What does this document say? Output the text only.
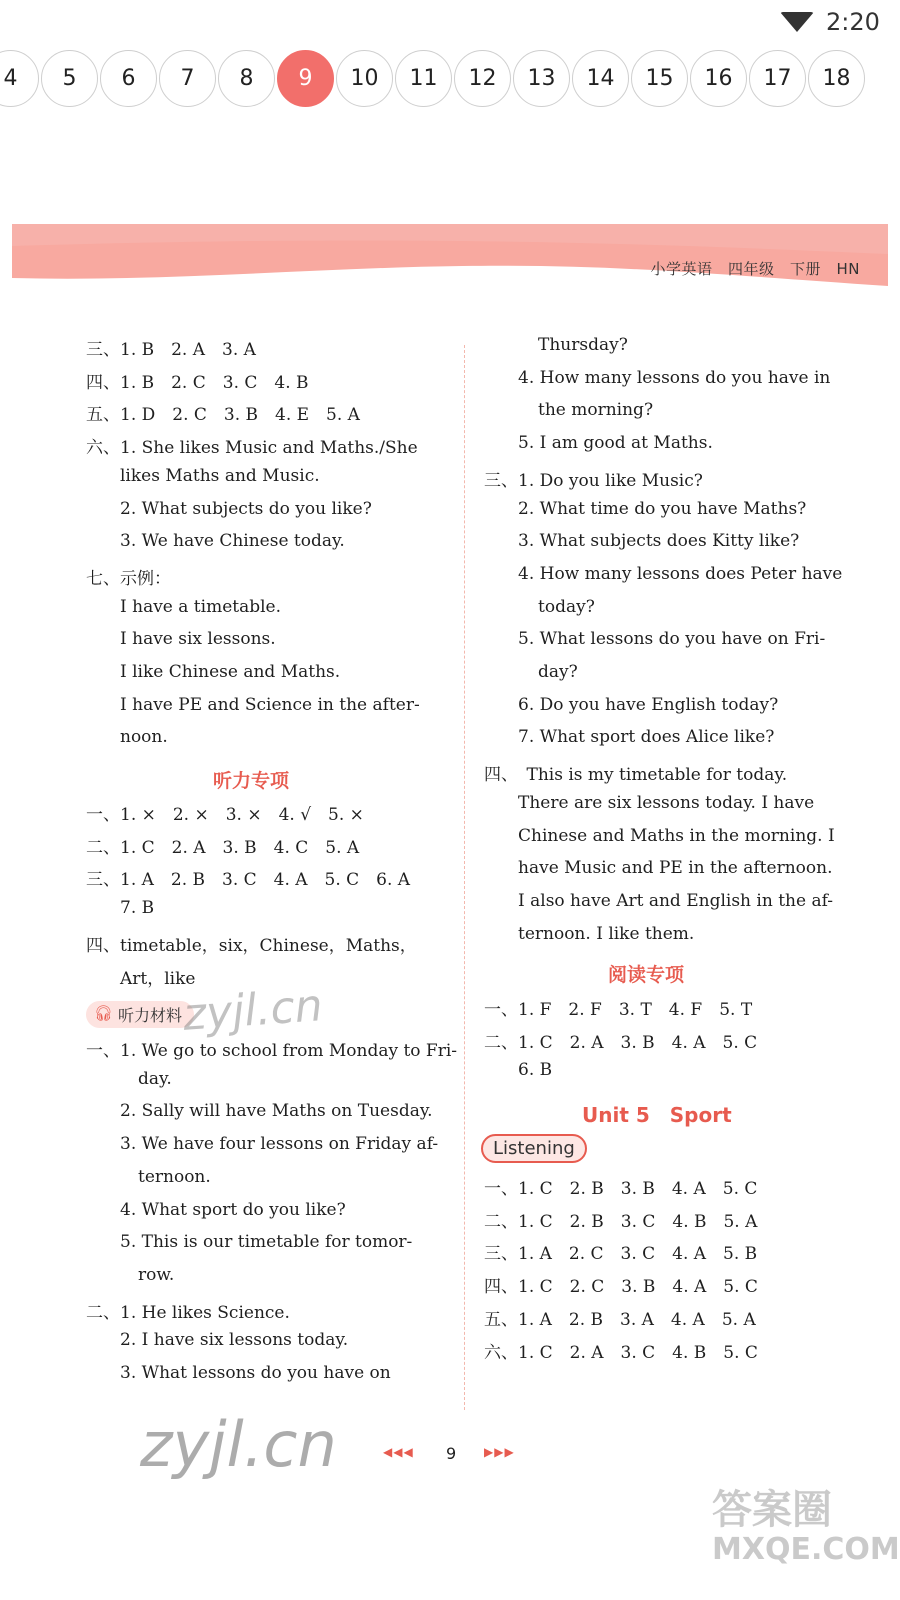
2:20
4	5	6	7	8	9	10	11	12	13	14	15	16	17	18
小学英语　四年级　下册　HN
三、1. B　2. A　3. A
四、1. B　2. C　3. C　4. B
五、1. D　2. C　3. B　4. E　5. A
六、1. She likes Music and Maths./She
likes Maths and Music.
2. What subjects do you like?
3. We have Chinese today.
七、示例：
I have a timetable.
I have six lessons.
I like Chinese and Maths.
I have PE and Science in the after-
noon.
一、1. ×　2. ×　3. ×　4. √　5. ×
二、1. C　2. A　3. B　4. C　5. A
三、1. A　2. B　3. C　4. A　5. C　6. A
7. B
四、timetable，six，Chinese，Maths，
Art，like
一、1. We go to school from Monday to Fri-
day.
2. Sally will have Maths on Tuesday.
3. We have four lessons on Friday af-
ternoon.
4. What sport do you like?
5. This is our timetable for tomor-
row.
二、1. He likes Science.
2. I have six lessons today.
3. What lessons do you have on
听力专项
🎧︎ 听力材料
Thursday?
4. How many lessons do you have in
the morning?
5. I am good at Maths.
三、1. Do you like Music?
2. What time do you have Maths?
3. What subjects does Kitty like?
4. How many lessons does Peter have
today?
5. What lessons do you have on Fri-
day?
6. Do you have English today?
7. What sport does Alice like?
四、　This is my timetable for today.
There are six lessons today. I have
Chinese and Maths in the morning. I
have Music and PE in the afternoon.
I also have Art and English in the af-
ternoon. I like them.
一、1. F　2. F　3. T　4. F　5. T
二、1. C　2. A　3. B　4. A　5. C
6. B
一、1. C　2. B　3. B　4. A　5. C
二、1. C　2. B　3. C　4. B　5. A
三、1. A　2. C　3. C　4. A　5. B
四、1. C　2. C　3. B　4. A　5. C
五、1. A　2. B　3. A　4. A　5. A
六、1. C　2. A　3. C　4. B　5. C
阅读专项
Unit 5　Sport
Listening
◀◀◀ 9 ▶▶▶
zyjl.cn
zyjl.cn
答案圈
MXQE.COM
